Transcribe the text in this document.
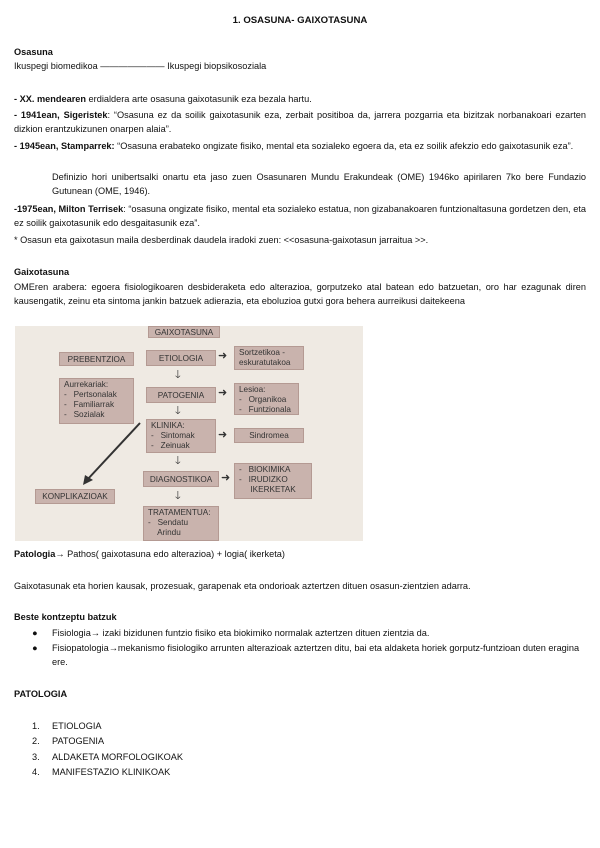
1. OSASUNA- GAIXOTASUNA
Osasuna
Ikuspegi biomedikoa ——————— Ikuspegi biopsikosoziala
- XX. mendearen erdialdera arte osasuna gaixotasunik eza bezala hartu.
- 1941ean, Sigeristek: “Osasuna ez da soilik gaixotasunik eza, zerbait positiboa da, jarrera pozgarria eta bizitzak norbanakoari ezarten dizkion erantzukizunen onarpen alaia”.
- 1945ean, Stamparrek: “Osasuna erabateko ongizate fisiko, mental eta sozialeko egoera da, eta ez soilik afekzio edo gaixotasunik eza”.
Definizio hori unibertsalki onartu eta jaso zuen Osasunaren Mundu Erakundeak (OME) 1946ko apirilaren 7ko bere Fundazio Gutunean (OME, 1946).
-1975ean, Milton Terrisek: “osasuna ongizate fisiko, mental eta sozialeko estatua, non gizabanakoaren funtzionaltasuna gordetzen den, eta ez soilik gaixotasunik edo desgaitasunik eza”.
* Osasun eta gaixotasun maila desberdinak daudela iradoki zuen: <<osasuna-gaixotasun jarraitua >>.
Gaixotasuna
OMEren arabera: egoera fisiologikoaren desbideraketa edo alterazioa, gorputzeko atal batean edo batzuetan, oro har ezagunak diren kausengatik, zeinu eta sintoma jankin batzuek adierazia, eta eboluzioa gutxi gora behera aurreikusi daitekeena
GAIXOTASUNA
PREBENTZIOA	ETIOLOGIA	➜	Sortzetikoa - eskuratutakoa
🡓
Aurrekariak:
-   Pertsonalak
-   Familiarrak
-   Sozialak
PATOGENIA	➜ Lesioa:
-   Organikoa
-   Funtzionala
🡓
KLINIKA:
-   Sintomak
-   Zeinuak
➜	Sindromea
🡓
DIAGNOSTIKOA ➜
-   BIOKIMIKA
-   IRUDIZKO
IKERKETAK
KONPLIKAZIOAK	🡓
TRATAMENTUA:
-   Sendatu
Arindu
Patologia→ Pathos( gaixotasuna edo alterazioa) + logia( ikerketa)
Gaixotasunak eta horien kausak, prozesuak, garapenak eta ondorioak aztertzen dituen osasun-zientzien adarra.
Beste kontzeptu batzuk
● Fisiologia→ izaki bizidunen funtzio fisiko eta biokimiko normalak aztertzen dituen zientzia da.
● Fisiopatologia→mekanismo fisiologiko arrunten alterazioak aztertzen ditu, bai eta aldaketa horiek gorputz-funtzioan duten eragina ere.
PATOLOGIA
1. ETIOLOGIA
2. PATOGENIA
3. ALDAKETA MORFOLOGIKOAK
4. MANIFESTAZIO KLINIKOAK
